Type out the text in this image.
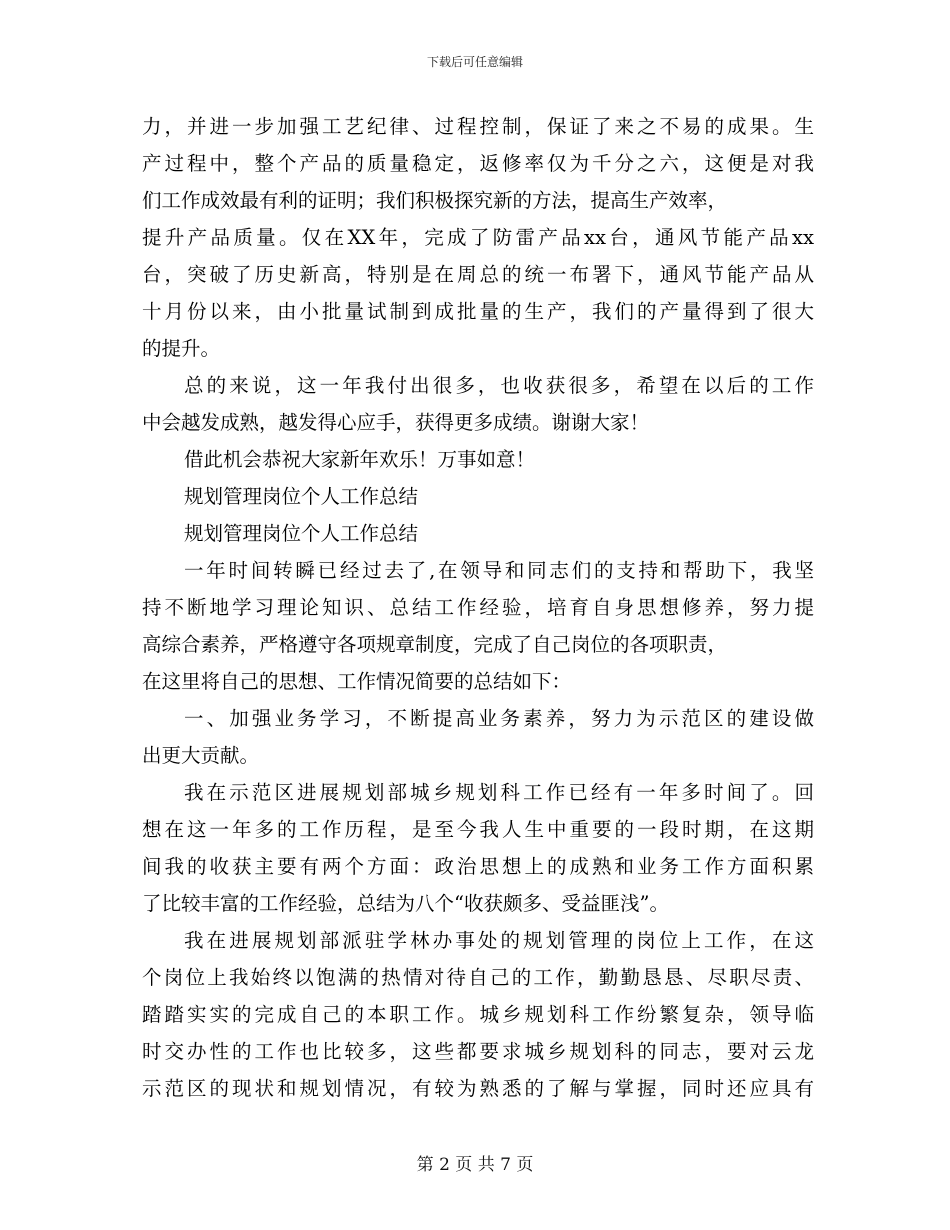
下载后可任意编辑
力，并进一步加强工艺纪律、过程控制，保证了来之不易的成果。生
产过程中，整个产品的质量稳定，返修率仅为千分之六，这便是对我
们工作成效最有利的证明；我们积极探究新的方法，提高生产效率，
提升产品质量。仅在XX年，完成了防雷产品xx台，通风节能产品xx
台，突破了历史新高，特别是在周总的统一布署下，通风节能产品从
十月份以来，由小批量试制到成批量的生产，我们的产量得到了很大
的提升。
总的来说，这一年我付出很多，也收获很多，希望在以后的工作
中会越发成熟，越发得心应手，获得更多成绩。谢谢大家！
借此机会恭祝大家新年欢乐！万事如意！
规划管理岗位个人工作总结
规划管理岗位个人工作总结
一年时间转瞬已经过去了,在领导和同志们的支持和帮助下，我坚
持不断地学习理论知识、总结工作经验，培育自身思想修养，努力提
高综合素养，严格遵守各项规章制度，完成了自己岗位的各项职责，
在这里将自己的思想、工作情况简要的总结如下：
一、加强业务学习，不断提高业务素养，努力为示范区的建设做
出更大贡献。
我在示范区进展规划部城乡规划科工作已经有一年多时间了。回
想在这一年多的工作历程，是至今我人生中重要的一段时期，在这期
间我的收获主要有两个方面：政治思想上的成熟和业务工作方面积累
了比较丰富的工作经验，总结为八个“收获颇多、受益匪浅”。
我在进展规划部派驻学林办事处的规划管理的岗位上工作，在这
个岗位上我始终以饱满的热情对待自己的工作，勤勤恳恳、尽职尽责、
踏踏实实的完成自己的本职工作。城乡规划科工作纷繁复杂，领导临
时交办性的工作也比较多，这些都要求城乡规划科的同志，要对云龙
示范区的现状和规划情况，有较为熟悉的了解与掌握，同时还应具有
第 2 页 共 7 页
